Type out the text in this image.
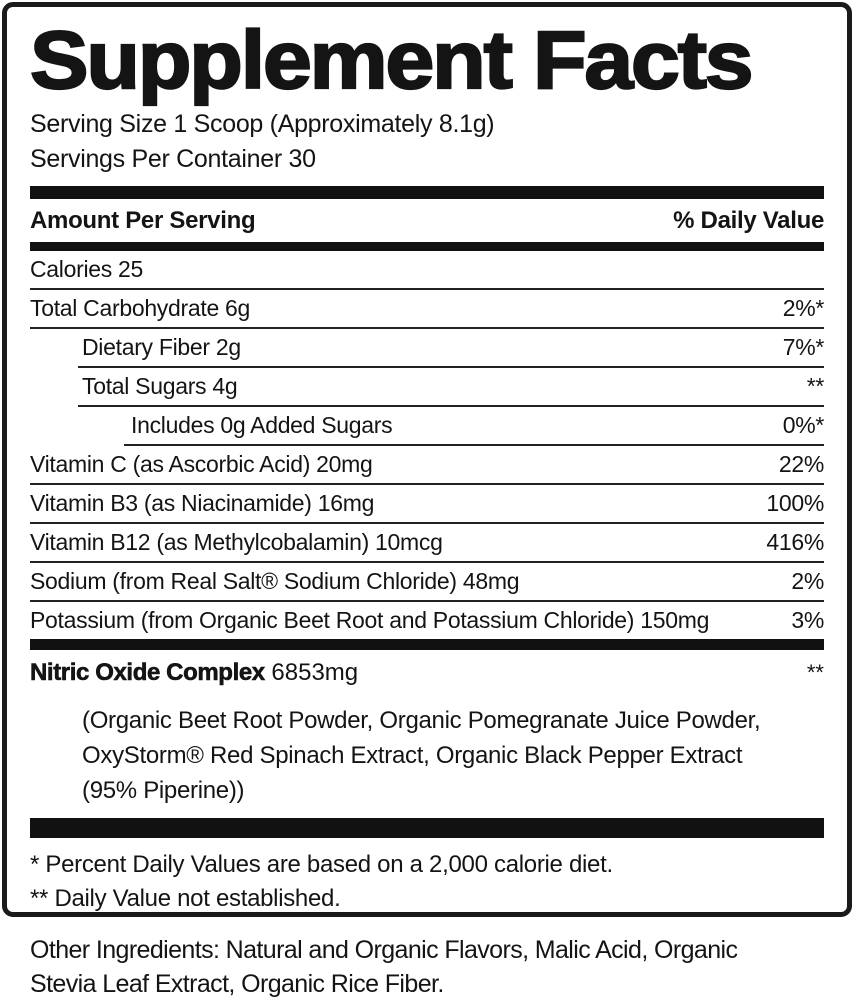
Supplement Facts
Serving Size 1 Scoop (Approximately 8.1g)
Servings Per Container 30
Amount Per Serving	% Daily Value
Calories 25
Total Carbohydrate 6g	2%*
Dietary Fiber 2g	7%*
Total Sugars 4g	**
Includes 0g Added Sugars	0%*
Vitamin C (as Ascorbic Acid) 20mg	22%
Vitamin B3 (as Niacinamide) 16mg	100%
Vitamin B12 (as Methylcobalamin) 10mcg	416%
Sodium (from Real Salt® Sodium Chloride) 48mg	2%
Potassium (from Organic Beet Root and Potassium Chloride) 150mg	3%
Nitric Oxide Complex 6853mg	**
(Organic Beet Root Powder, Organic Pomegranate Juice Powder,
OxyStorm® Red Spinach Extract, Organic Black Pepper Extract
(95% Piperine))
* Percent Daily Values are based on a 2,000 calorie diet.
** Daily Value not established.
Other Ingredients: Natural and Organic Flavors, Malic Acid, Organic
Stevia Leaf Extract, Organic Rice Fiber.
